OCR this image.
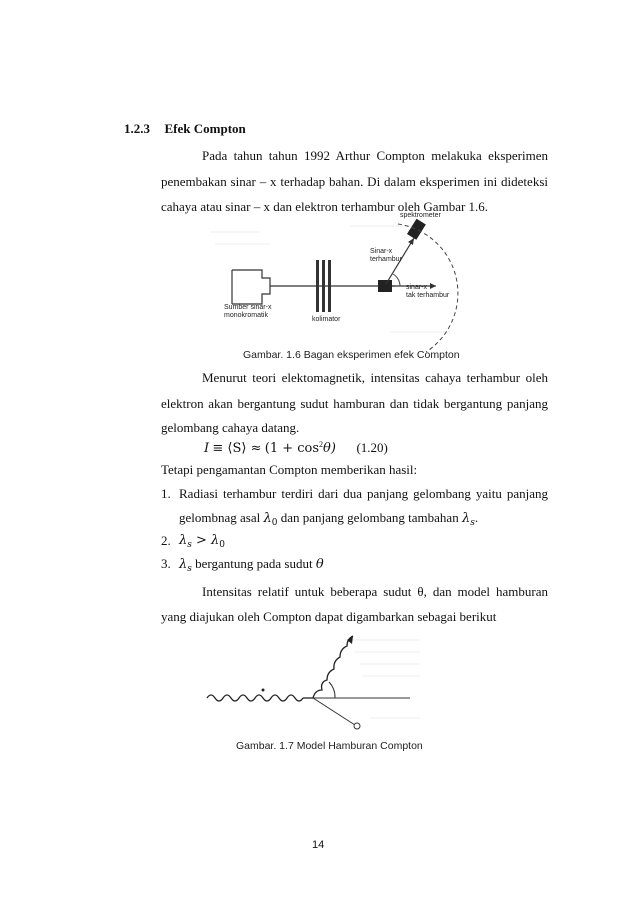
1.2.3 Efek Compton
Pada tahun tahun 1992 Arthur Compton melakuka eksperimen
penembakan sinar – x terhadap bahan. Di dalam eksperimen ini dideteksi
cahaya atau sinar – x dan elektron terhambur oleh Gambar 1.6.
spektrometer
Sinar-x
terhambur
sinar-x
tak terhambur
Sumber sinar-x
monokromatik
kolimator
Gambar. 1.6 Bagan eksperimen efek Compton
Menurut teori elektomagnetik, intensitas cahaya terhambur oleh
elektron akan bergantung sudut hamburan dan tidak bergantung panjang
gelombang cahaya datang.
I ≡ ⟨S⟩ ≈ $(1 + \cos^2\theta)$ (1.20)
Tetapi pengamantan Compton memberikan hasil:
1. Radiasi terhambur terdiri dari dua panjang gelombang yaitu panjang
gelombnag asal $\lambda_0$ dan panjang gelombang tambahan $\lambda_s$.
2. $\lambda_s > \lambda_0$
3. $\lambda_s$ bergantung pada sudut θ
Intensitas relatif untuk beberapa sudut θ, dan model hamburan
yang diajukan oleh Compton dapat digambarkan sebagai berikut
Gambar. 1.7 Model Hamburan Compton
14
